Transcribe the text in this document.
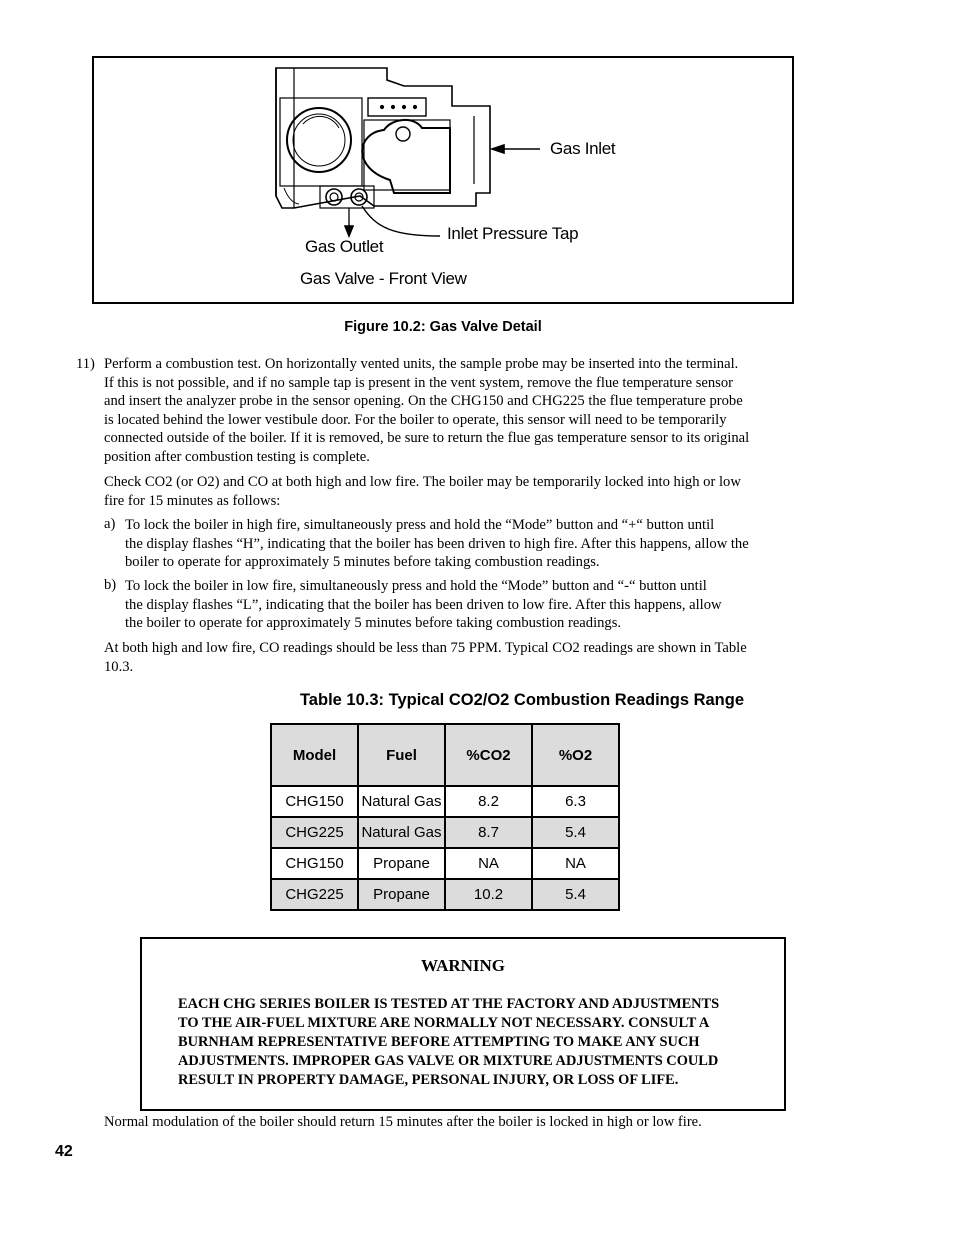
Gas Inlet
Inlet Pressure Tap
Gas Outlet
Gas Valve - Front View
Figure 10.2: Gas Valve Detail
11) Perform a combustion test. On horizontally vented units, the sample probe may be inserted into the terminal.
If this is not possible, and if no sample tap is present in the vent system, remove the flue temperature sensor
and insert the analyzer probe in the sensor opening. On the CHG150 and CHG225 the flue temperature probe
is located behind the lower vestibule door. For the boiler to operate, this sensor will need to be temporarily
connected outside of the boiler. If it is removed, be sure to return the flue gas temperature sensor to its original
position after combustion testing is complete.
Check CO2 (or O2) and CO at both high and low fire. The boiler may be temporarily locked into high or low
fire for 15 minutes as follows:
a) To lock the boiler in high fire, simultaneously press and hold the “Mode” button and “+“ button until
the display flashes “H”, indicating that the boiler has been driven to high fire. After this happens, allow the
boiler to operate for approximately 5 minutes before taking combustion readings.
b) To lock the boiler in low fire, simultaneously press and hold the “Mode” button and “-“ button until
the display flashes “L”, indicating that the boiler has been driven to low fire. After this happens, allow
the boiler to operate for approximately 5 minutes before taking combustion readings.
At both high and low fire, CO readings should be less than 75 PPM. Typical CO2 readings are shown in Table
10.3.
Table 10.3: Typical CO2/O2 Combustion Readings Range
Model	Fuel	%CO2	%O2
CHG150	Natural Gas	8.2	6.3
CHG225	Natural Gas	8.7	5.4
CHG150	Propane	NA	NA
CHG225	Propane	10.2	5.4
WARNING
EACH CHG SERIES BOILER IS TESTED AT THE FACTORY AND ADJUSTMENTS
TO THE AIR-FUEL MIXTURE ARE NORMALLY NOT NECESSARY. CONSULT A
BURNHAM REPRESENTATIVE BEFORE ATTEMPTING TO MAKE ANY SUCH
ADJUSTMENTS. IMPROPER GAS VALVE OR MIXTURE ADJUSTMENTS COULD
RESULT IN PROPERTY DAMAGE, PERSONAL INJURY, OR LOSS OF LIFE.
Normal modulation of the boiler should return 15 minutes after the boiler is locked in high or low fire.
42
